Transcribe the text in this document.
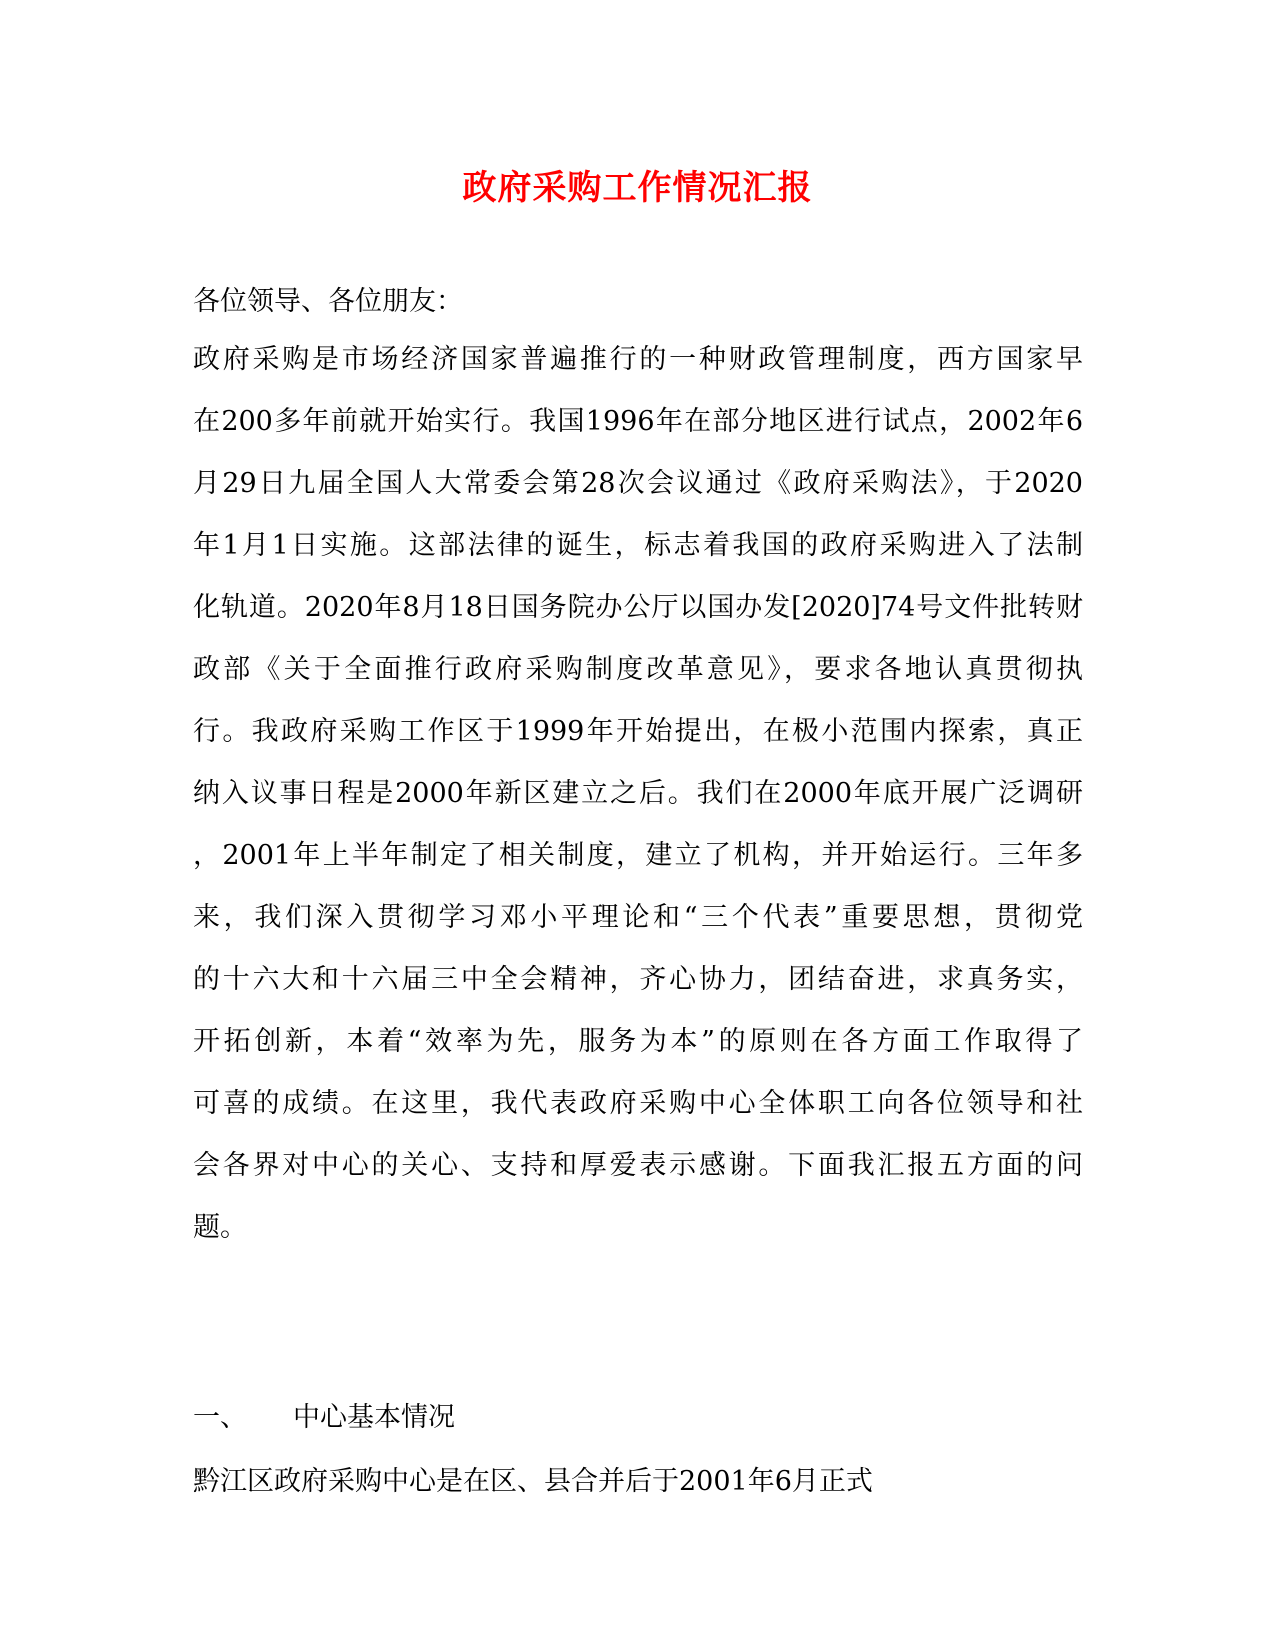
政府采购工作情况汇报
各位领导、各位朋友：
政府采购是市场经济国家普遍推行的一种财政管理制度，西方国家早
在200多年前就开始实行。我国1996年在部分地区进行试点，2002年6
月29日九届全国人大常委会第28次会议通过《政府采购法》，于2020
年1月1日实施。这部法律的诞生，标志着我国的政府采购进入了法制
化轨道。2020年8月18日国务院办公厅以国办发[2020]74号文件批转财
政部《关于全面推行政府采购制度改革意见》，要求各地认真贯彻执
行。我政府采购工作区于1999年开始提出，在极小范围内探索，真正
纳入议事日程是2000年新区建立之后。我们在2000年底开展广泛调研
，2001年上半年制定了相关制度，建立了机构，并开始运行。三年多
来，我们深入贯彻学习邓小平理论和“三个代表”重要思想，贯彻党
的十六大和十六届三中全会精神，齐心协力，团结奋进，求真务实，
开拓创新，本着“效率为先，服务为本”的原则在各方面工作取得了
可喜的成绩。在这里，我代表政府采购中心全体职工向各位领导和社
会各界对中心的关心、支持和厚爱表示感谢。下面我汇报五方面的问
题。
一、 中心基本情况
黔江区政府采购中心是在区、县合并后于2001年6月正式
